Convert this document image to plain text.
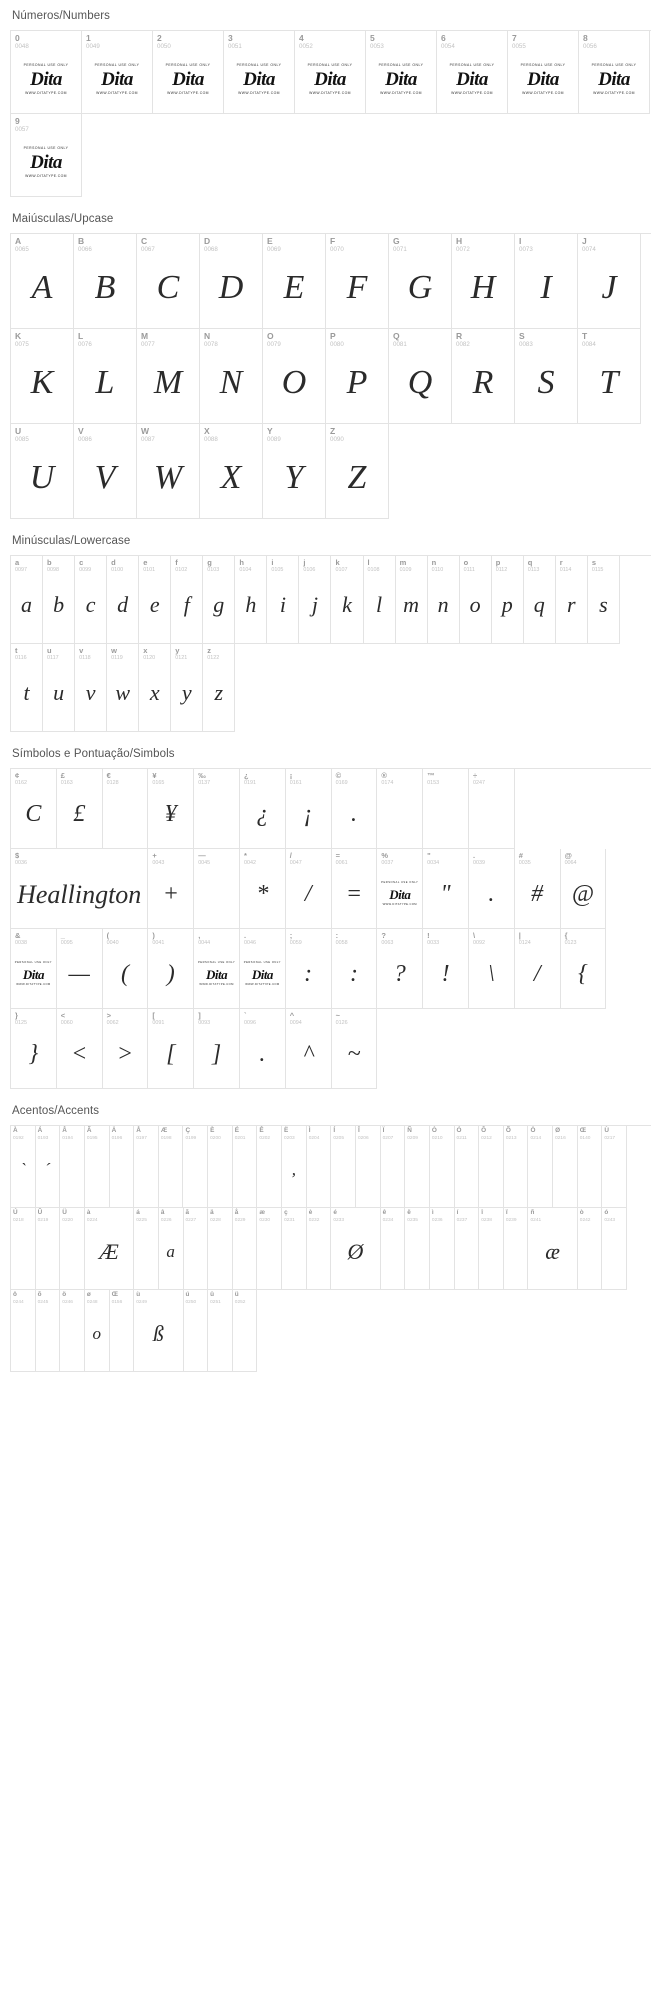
Números/Numbers
0
0048
PERSONAL USE ONLY
Dita
WWW.DITATYPE.COM
1
0049
PERSONAL USE ONLY
Dita
WWW.DITATYPE.COM
2
0050
PERSONAL USE ONLY
Dita
WWW.DITATYPE.COM
3
0051
PERSONAL USE ONLY
Dita
WWW.DITATYPE.COM
4
0052
PERSONAL USE ONLY
Dita
WWW.DITATYPE.COM
5
0053
PERSONAL USE ONLY
Dita
WWW.DITATYPE.COM
6
0054
PERSONAL USE ONLY
Dita
WWW.DITATYPE.COM
7
0055
PERSONAL USE ONLY
Dita
WWW.DITATYPE.COM
8
0056
PERSONAL USE ONLY
Dita
WWW.DITATYPE.COM
9
0057
PERSONAL USE ONLY
Dita
WWW.DITATYPE.COM
Maiúsculas/Upcase
A
0065
A
B
0066
B
C
0067
C
D
0068
D
E
0069
E
F
0070
F
G
0071
G
H
0072
H
I
0073
I
J
0074
J
K
0075
K
L
0076
L
M
0077
M
N
0078
N
O
0079
O
P
0080
P
Q
0081
Q
R
0082
R
S
0083
S
T
0084
T
U
0085
U
V
0086
V
W
0087
W
X
0088
X
Y
0089
Y
Z
0090
Z
Minúsculas/Lowercase
a
0097
a
b
0098
b
c
0099
c
d
0100
d
e
0101
e
f
0102
f
g
0103
g
h
0104
h
i
0105
i
j
0106
j
k
0107
k
l
0108
l
m
0109
m
n
0110
n
o
0111
o
p
0112
p
q
0113
q
r
0114
r
s
0115
s
t
0116
t
u
0117
u
v
0118
v
w
0119
w
x
0120
x
y
0121
y
z
0122
z
Símbolos e Pontuação/Simbols
¢
0162
C
£
0163
£
€
0128
¥
0165
¥
‰
0137
¿
0191
¿
¡
0161
¡
©
0169
.
®
0174
™
0153
÷
0247
$
0036
Heallington
+
0043
+
—
0045
*
0042
*
/
0047
/
=
0061
=
%
0037
PERSONAL USE ONLY
Dita
WWW.DITATYPE.COM
"
0034
"
.
0039
.
#
0035
#
@
0064
@
&
0038
PERSONAL USE ONLY
Dita
WWW.DITATYPE.COM
_
0095
—
(
0040
(
)
0041
)
,
0044
PERSONAL USE ONLY
Dita
WWW.DITATYPE.COM
.
0046
PERSONAL USE ONLY
Dita
WWW.DITATYPE.COM
;
0059
:
:
0058
:
?
0063
?
!
0033
!
\
0092
\
|
0124
/
{
0123
{
}
0125
}
<
0060
<
>
0062
>
[
0091
[
]
0093
]
`
0096
.
^
0094
^
~
0126
~
Acentos/Accents
À
0192
`
Á
0193
´
Â
0194
Ã
0195
Ä
0196
Å
0197
Æ
0198
Ç
0199
È
0200
É
0201
Ê
0202
Ë
0203
,
Ì
0204
Í
0205
Î
0206
Ï
0207
Ñ
0209
Ò
0210
Ó
0211
Ô
0212
Õ
0213
Ö
0214
Ø
0216
Œ
0140
Ù
0217
Ú
0218
Û
0219
Ü
0220
à
0224
Æ
á
0225
â
0226
a
ã
0227
ä
0228
å
0229
æ
0230
ç
0231
è
0232
é
0233
Ø
ê
0234
ë
0235
ì
0236
í
0237
î
0238
ï
0239
ñ
0241
æ
ò
0242
ó
0243
ô
0244
õ
0245
ö
0246
ø
0248
o
Œ
0156
ù
0249
ß
ú
0250
û
0251
ü
0252
